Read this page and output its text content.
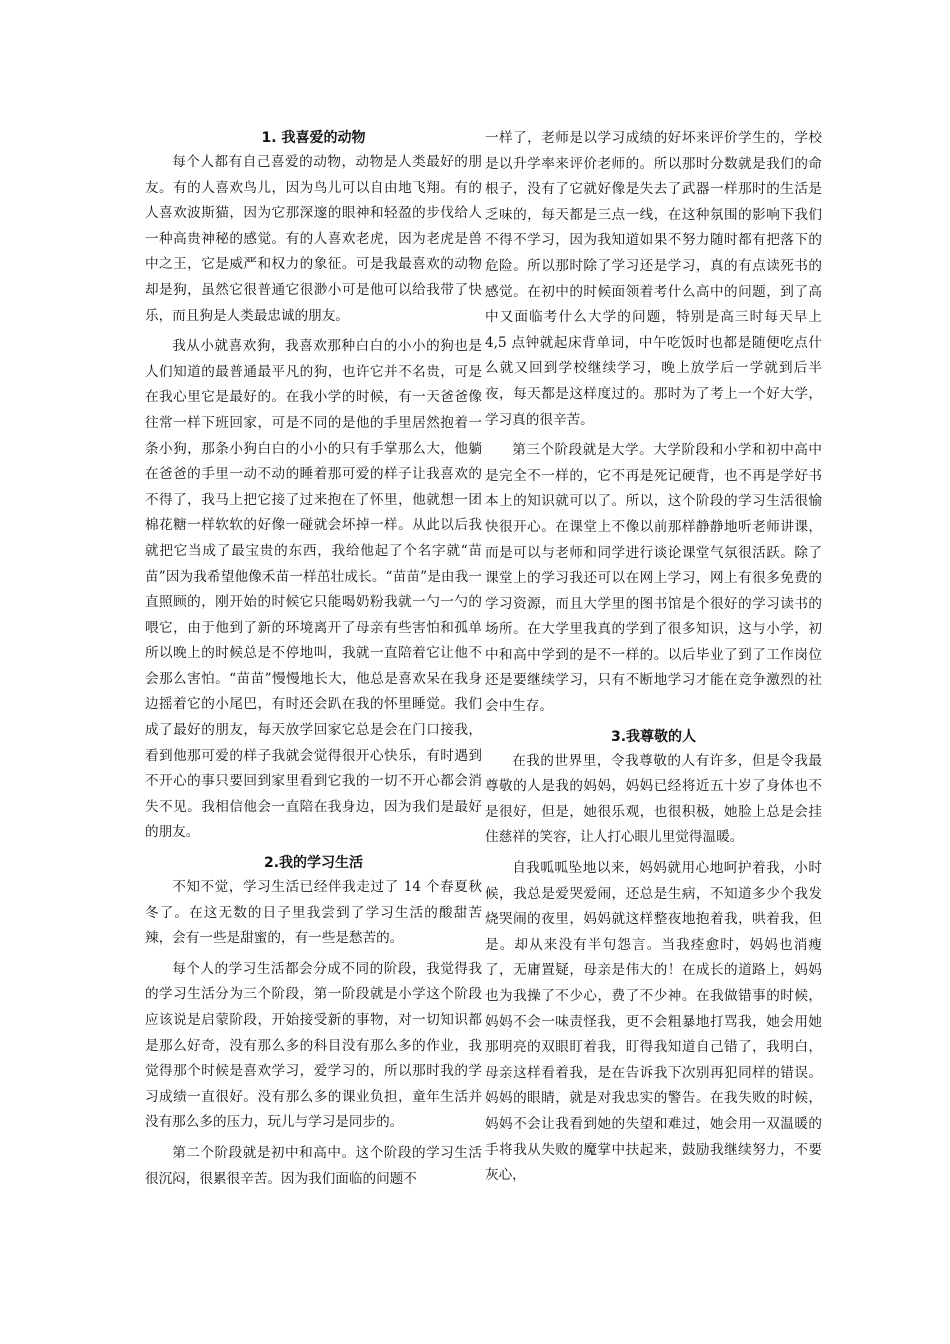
1. 我喜爱的动物

每个人都有自己喜爱的动物，动物是人类最好的朋友。有的人喜欢鸟儿，因为鸟儿可以自由地飞翔。有的人喜欢波斯猫，因为它那深邃的眼神和轻盈的步伐给人一种高贵神秘的感觉。有的人喜欢老虎，因为老虎是兽中之王，它是威严和权力的象征。可是我最喜欢的动物却是狗，虽然它很普通它很渺小可是他可以给我带了快乐，而且狗是人类最忠诚的朋友。

我从小就喜欢狗，我喜欢那种白白的小小的狗也是人们知道的最普通最平凡的狗，也许它并不名贵，可是在我心里它是最好的。在我小学的时候，有一天爸爸像往常一样下班回家，可是不同的是他的手里居然抱着一条小狗，那条小狗白白的小小的只有手掌那么大，他躺在爸爸的手里一动不动的睡着那可爱的样子让我喜欢的不得了，我马上把它接了过来抱在了怀里，他就想一团棉花糖一样软软的好像一碰就会坏掉一样。从此以后我就把它当成了最宝贵的东西，我给他起了个名字就“苗苗”因为我希望他像禾苗一样茁壮成长。“苗苗”是由我一直照顾的，刚开始的时候它只能喝奶粉我就一勺一勺的喂它，由于他到了新的环境离开了母亲有些害怕和孤单所以晚上的时候总是不停地叫，我就一直陪着它让他不会那么害怕。“苗苗”慢慢地长大，他总是喜欢呆在我身边摇着它的小尾巴，有时还会趴在我的怀里睡觉。我们成了最好的朋友，每天放学回家它总是会在门口接我，看到他那可爱的样子我就会觉得很开心快乐，有时遇到不开心的事只要回到家里看到它我的一切不开心都会消失不见。我相信他会一直陪在我身边，因为我们是最好的朋友。

2.我的学习生活

不知不觉，学习生活已经伴我走过了 14 个春夏秋冬了。在这无数的日子里我尝到了学习生活的酸甜苦辣，会有一些是甜蜜的，有一些是愁苦的。

每个人的学习生活都会分成不同的阶段，我觉得我的学习生活分为三个阶段，第一阶段就是小学这个阶段应该说是启蒙阶段，开始接受新的事物，对一切知识都是那么好奇，没有那么多的科目没有那么多的作业，我觉得那个时候是喜欢学习，爱学习的，所以那时我的学习成绩一直很好。没有那么多的课业负担，童年生活并没有那么多的压力，玩儿与学习是同步的。

第二个阶段就是初中和高中。这个阶段的学习生活很沉闷，很累很辛苦。因为我们面临的问题不

一样了，老师是以学习成绩的好坏来评价学生的，学校是以升学率来评价老师的。所以那时分数就是我们的命根子，没有了它就好像是失去了武器一样那时的生活是乏味的，每天都是三点一线，在这种氛围的影响下我们不得不学习，因为我知道如果不努力随时都有把落下的危险。所以那时除了学习还是学习，真的有点读死书的感觉。在初中的时候面领着考什么高中的问题，到了高中又面临考什么大学的问题，特别是高三时每天早上 4,5 点钟就起床背单词，中午吃饭时也都是随便吃点什么就又回到学校继续学习，晚上放学后一学就到后半夜，每天都是这样度过的。那时为了考上一个好大学，学习真的很辛苦。

第三个阶段就是大学。大学阶段和小学和初中高中是完全不一样的，它不再是死记硬背，也不再是学好书本上的知识就可以了。所以，这个阶段的学习生活很愉快很开心。在课堂上不像以前那样静静地听老师讲课，而是可以与老师和同学进行谈论课堂气氛很活跃。除了课堂上的学习我还可以在网上学习，网上有很多免费的学习资源，而且大学里的图书馆是个很好的学习读书的场所。在大学里我真的学到了很多知识，这与小学，初中和高中学到的是不一样的。以后毕业了到了工作岗位还是要继续学习，只有不断地学习才能在竞争激烈的社会中生存。

3.我尊敬的人

在我的世界里，令我尊敬的人有许多，但是令我最尊敬的人是我的妈妈，妈妈已经将近五十岁了身体也不是很好，但是，她很乐观，也很积极，她脸上总是会挂住慈祥的笑容，让人打心眼儿里觉得温暖。

自我呱呱坠地以来，妈妈就用心地呵护着我，小时候，我总是爱哭爱闹，还总是生病，不知道多少个我发烧哭闹的夜里，妈妈就这样整夜地抱着我，哄着我，但是。却从来没有半句怨言。当我痊愈时，妈妈也消瘦了，无庸置疑，母亲是伟大的！在成长的道路上，妈妈也为我操了不少心，费了不少神。在我做错事的时候，妈妈不会一味责怪我，更不会粗暴地打骂我，她会用她那明亮的双眼盯着我，盯得我知道自己错了，我明白，母亲这样看着我，是在告诉我下次别再犯同样的错误。妈妈的眼睛，就是对我忠实的警告。在我失败的时候，妈妈不会让我看到她的失望和难过，她会用一双温暖的手将我从失败的魔掌中扶起来，鼓励我继续努力，不要灰心，
